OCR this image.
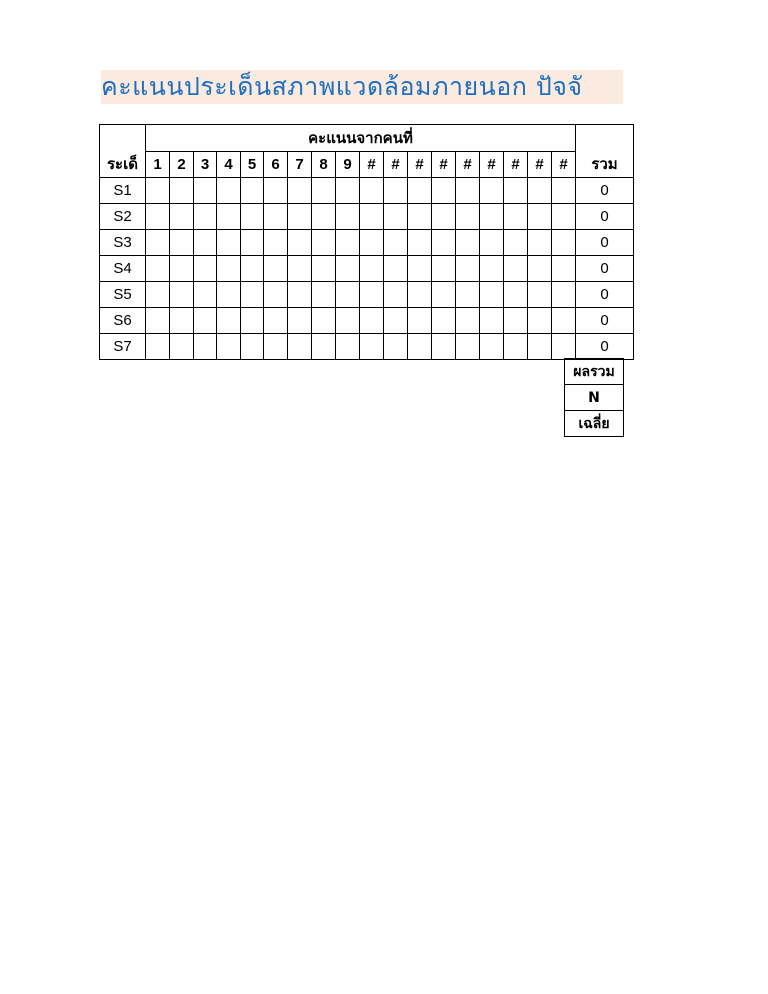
คะแนนประเด็นสภาพแวดล้อมภายนอก ปัจจั
	คะแนนจากคนที่																		
ระเด็	1	2	3	4	5	6	7	8	9	#	#	#	#	#	#	#	#	#	รวม
S1																			0
S2																			0
S3																			0
S4																			0
S5																			0
S6																			0
S7																			0
ผลรวม
N
เฉลี่ย
